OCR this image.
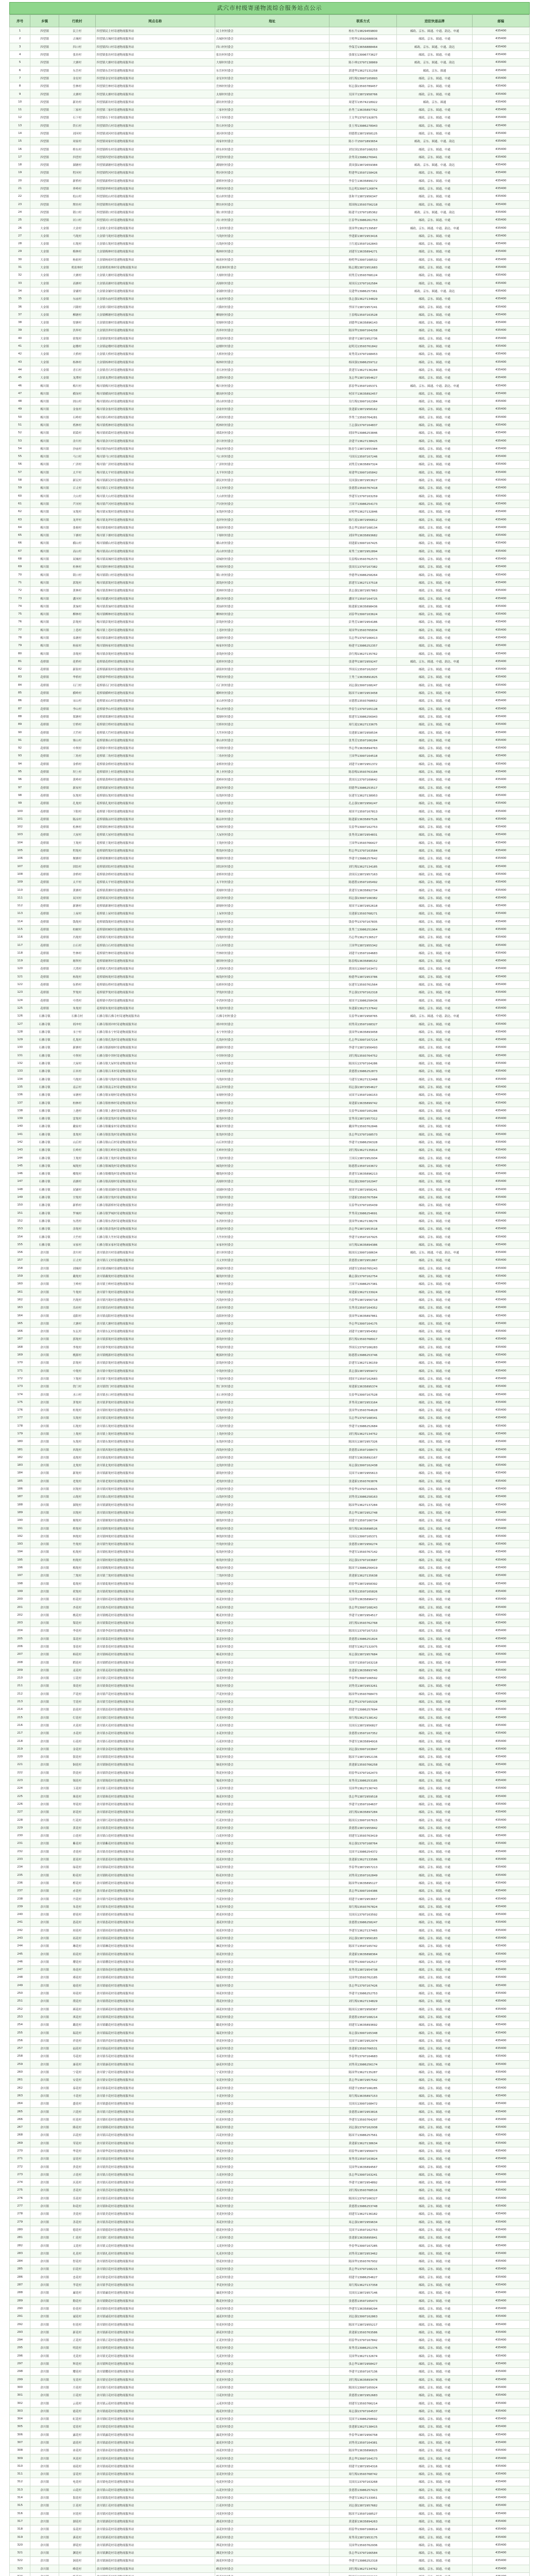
武穴市村级寄递物流综合服务站点公示
序号	乡镇	行政村	网点名称	地址	联系方式	进驻快递品牌	邮编
1	四望镇	民主村	四望镇民主村寄递物流服务站	民主村村委会	杨东升13829459800	邮政、京东、圆通、中通、韵达、申通	435400
2	四望镇	古城村	四望镇古城村寄递物流服务站	古城村村委会	王明华13592688836	邮政、京东、圆通、中通	435400
3	四望镇	四口村	四望镇四口村寄递物流服务站	四口村村委会	李保芳13656888464	邮政、京东、圆通、中通、韵达	435400
4	四望镇	张坊村	四望镇张坊村寄递物流服务站	张坊村村委会	张细宏13996773627	邮政、京东、圆通、中通	435400
5	四望镇	大塘村	四望镇大塘村寄递物流服务站	大塘村村委会	陈小林13797138869	邮政、京东、圆通、中通、韵达	435400
6	四望镇	东岳村	四望镇东岳村寄递物流服务站	东岳村村委会	郭建华13627131258	邮政、京东、圆通	435400
7	四望镇	金星村	四望镇金星村寄递物流服务站	金星村村委会	刘红梅13997165893	邮政、京东、圆通、中通	435400
8	四望镇	岳林村	四望镇岳林村寄递物流服务站	岳林村村委会	何志强13593789457	邮政、京东、圆通、中通	435400
9	四望镇	太塘村	四望镇太塘村寄递物流服务站	太塘村村委会	吴国平13872958766	邮政、京东、圆通、中通	435400
10	四望镇	新坊村	四望镇新坊村寄递物流服务站	新坊村村委会	周建军13574218922	邮政、京东、圆通	435400
11	四望镇	三家村	四望镇三家村寄递物流服务站	三家村村委会	孙秀兰13635897762	邮政、京东、圆通、中通	435400
12	四望镇	石下村	四望镇石下村寄递物流服务站	石下村村委会	王文华13797192875	邮政、京东、圆通、中通	435400
13	四望镇	铁石村	四望镇铁石村寄递物流服务站	铁石村村委会	张玉琴13986278943	邮政、京东、圆通、中通	435400
14	四望镇	刘河村	四望镇刘河村寄递物流服务站	刘河村村委会	胡德胜13872958125	邮政、京东、圆通、中通	435400
15	四望镇	周家村	四望镇周家村寄递物流服务站	周家村村委会	陈小平15971893654	邮政、京东、圆通、中通、韵达	435400
16	四望镇	桥东村	四望镇桥东村寄递物流服务站	桥东村村委会	刘安国13597168253	邮政、京东、圆通、中通	435400
17	四望镇	四望村	四望镇四望村寄递物流服务站	四望村村委会	余秀英13986276941	邮政、京东、圆通、中通	435400
18	四望镇	湖塘村	四望镇湖塘村寄递物流服务站	湖塘村村委会	黄国强13872659384	邮政、京东、圆通、中通、韵达	435400
19	四望镇	程河村	四望镇程河村寄递物流服务站	程河村村委会	程建华13597158426	邮政、京东、圆通、中通	435400
20	四望镇	新桥村	四望镇新桥村寄递物流服务站	新桥村村委会	李春生13635899172	邮政、京东、圆通、中通	435400
21	四望镇	界岭村	四望镇界岭村寄递物流服务站	界岭村村委会	吴志明13997126874	邮政、京东、圆通、中通	435400
22	四望镇	松山村	四望镇松山村寄递物流服务站	松山村村委会	张和平13872956347	邮政、京东、圆通、中通	435400
23	四望镇	牌坊村	四望镇牌坊村寄递物流服务站	牌坊村村委会	郑国栋13593756218	邮政、京东、圆通、中通	435400
24	四望镇	锁口村	四望镇锁口村寄递物流服务站	锁口村村委会	陈建平13797185362	邮政、京东、圆通、中通、韵达	435400
25	四望镇	河口村	四望镇河口村寄递物流服务站	河口村村委会	汪春华13986261753	邮政、京东、圆通、中通	435400
26	大金镇	大金村	大金镇大金村寄递物流服务站	大金村村委会	张国华13627139587	邮政、京东、圆通、中通、韵达、申通	435400
27	大金镇	马垅村	大金镇马垅村寄递物流服务站	马垅村村委会	李建新13872953416	邮政、京东、圆通、中通	435400
28	大金镇	石垅村	大金镇石垅村寄递物流服务站	石垅村村委会	王红霞13597162843	邮政、京东、圆通、中通	435400
29	大金镇	梅林村	大金镇梅林村寄递物流服务站	梅林村村委会	刘建军13635894271	邮政、京东、圆通、中通	435400
30	大金镇	杨祖村	大金镇杨祖村寄递物流服务站	杨祖村村委会	杨明华13997168532	邮政、京东、圆通、中通	435400
31	大金镇	鸦雀林村	大金镇鸦雀林村寄递物流服务站	鸦雀林村村委会	陈志刚13872951683	邮政、京东、圆通、中通	435400
32	大金镇	大塘村	大金镇大塘村寄递物流服务站	大塘村村委会	胡秀芳13593768124	邮政、京东、圆通、中通	435400
33	大金镇	高塘村	大金镇高塘村寄递物流服务站	高塘村村委会	周国庆13797162584	邮政、京东、圆通、中通	435400
34	大金镇	金铺村	大金镇金铺村寄递物流服务站	金铺村村委会	吴建华13986257361	邮政、京东、圆通、中通、韵达	435400
35	大金镇	东庙村	大金镇东庙村寄递物流服务站	东庙村村委会	张志强13627134829	邮政、京东、圆通、中通	435400
36	大金镇	兴隆村	大金镇兴隆村寄递物流服务站	兴隆村村委会	李国平13872957241	邮政、京东、圆通、中通	435400
37	大金镇	柳塘村	大金镇柳塘村寄递物流服务站	柳塘村村委会	王春梅13597163528	邮政、京东、圆通、中通	435400
38	大金镇	窑塘村	大金镇窑塘村寄递物流服务站	窑塘村村委会	刘德华13635896143	邮政、京东、圆通、中通	435400
39	大金镇	洪界村	大金镇洪界村寄递物流服务站	洪界村村委会	陈国华13997164258	邮政、京东、圆通、中通	435400
40	大金镇	徐垅村	大金镇徐垅村寄递物流服务站	徐垅村村委会	徐建平13872952736	邮政、京东、圆通、中通	435400
41	大金镇	赵楼村	大金镇赵楼村寄递物流服务站	赵楼村村委会	赵明亮13593761842	邮政、京东、圆通、中通	435400
42	大金镇	大桥村	大金镇大桥村寄递物流服务站	大桥村村委会	周秀英13797168453	邮政、京东、圆通、中通	435400
43	大金镇	杨林村	大金镇杨林村寄递物流服务站	杨林村村委会	杨国强13986259712	邮政、京东、圆通、中通	435400
44	大金镇	青石村	大金镇青石村寄递物流服务站	青石村村委会	黄建军13627136284	邮政、京东、圆通、中通	435400
45	大金镇	龙潭村	大金镇龙潭村寄递物流服务站	龙潭村村委会	龙志华13872954627	邮政、京东、圆通、中通	435400
46	梅川镇	梅川村	梅川镇梅川村寄递物流服务站	梅川村村委会	郭春华13597165371	邮政、京东、圆通、中通、韵达、申通	435400
47	梅川镇	横岗村	梅川镇横岗村寄递物流服务站	横岗村村委会	何国平13635892457	邮政、京东、圆通、中通	435400
48	梅川镇	团山村	梅川镇团山村寄递物流服务站	团山村村委会	吴红梅13997162384	邮政、京东、圆通、中通	435400
49	梅川镇	金盆村	梅川镇金盆村寄递物流服务站	金盆村村委会	张建新13872958162	邮政、京东、圆通、中通	435400
50	梅川镇	石岭村	梅川镇石岭村寄递物流服务站	石岭村村委会	李秀兰13593764281	邮政、京东、圆通、中通	435400
51	梅川镇	鸦林村	梅川镇鸦林村寄递物流服务站	鸦林村村委会	王志强13797164837	邮政、京东、圆通、中通	435400
52	梅川镇	胡葛村	梅川镇胡葛村寄递物流服务站	胡葛村村委会	胡国华13986253846	邮政、京东、圆通、中通	435400
53	梅川镇	余川村	梅川镇余川村寄递物流服务站	余川村村委会	余建平13627138425	邮政、京东、圆通、中通	435400
54	梅川镇	沙庙村	梅川镇沙庙村寄递物流服务站	沙庙村村委会	陈春生13872955384	邮政、京东、圆通、中通	435400
55	梅川镇	马口村	梅川镇马口村寄递物流服务站	马口村村委会	马国庆13597167246	邮政、京东、圆通、中通	435400
56	梅川镇	广济村	梅川镇广济村寄递物流服务站	广济村村委会	刘秀芳13635897324	邮政、京东、圆通、中通	435400
57	梅川镇	太平村	梅川镇太平村寄递物流服务站	太平村村委会	周建华13997165842	邮政、京东、圆通、中通	435400
58	梅川镇	新民村	梅川镇新民村寄递物流服务站	新民村村委会	吴国强13872953627	邮政、京东、圆通、中通	435400
59	梅川镇	百丈村	梅川镇百丈村寄递物流服务站	百丈村村委会	张德胜13593767418	邮政、京东、圆通、中通	435400
60	梅川镇	大山村	梅川镇大山村寄递物流服务站	大山村村委会	李建军13797163259	邮政、京东、圆通、中通	435400
61	梅川镇	芦河村	梅川镇芦河村寄递物流服务站	芦河村村委会	王国平13986254173	邮政、京东、圆通、中通	435400
62	梅川镇	宋垅村	梅川镇宋垅村寄递物流服务站	宋垅村村委会	宋明华13627132846	邮政、京东、圆通、中通	435400
63	梅川镇	龙坪村	梅川镇龙坪村寄递物流服务站	龙坪村村委会	陈红霞13872956812	邮政、京东、圆通、中通	435400
64	梅川镇	张榜村	梅川镇张榜村寄递物流服务站	张榜村村委会	张志华13597168134	邮政、京东、圆通、中通	435400
65	梅川镇	下塘村	梅川镇下塘村寄递物流服务站	下塘村村委会	刘国华13635893682	邮政、京东、圆通、中通	435400
66	梅川镇	横山村	梅川镇横山村寄递物流服务站	横山村村委会	胡建新13997167425	邮政、京东、圆通、中通	435400
67	梅川镇	高山村	梅川镇高山村寄递物流服务站	高山村村委会	周秀兰13872952894	邮政、京东、圆通、中通	435400
68	梅川镇	双城村	梅川镇双城村寄递物流服务站	双城村村委会	吴春梅13593762573	邮政、京东、圆通、中通	435400
69	梅川镇	桂林村	梅川镇桂林村寄递物流服务站	桂林村村委会	张国庆13797167382	邮政、京东、圆通、中通	435400
70	梅川镇	锁口村	梅川镇锁口村寄递物流服务站	锁口村村委会	李德华13986258264	邮政、京东、圆通、中通	435400
71	梅川镇	郭垅村	梅川镇郭垅村寄递物流服务站	郭垅村村委会	郭建军13627137518	邮政、京东、圆通、中通	435400
72	梅川镇	黄林村	梅川镇黄林村寄递物流服务站	黄林村村委会	黄志强13872957863	邮政、京东、圆通、中通	435400
73	梅川镇	潘河村	梅川镇潘河村寄递物流服务站	潘河村村委会	潘国平13597164725	邮政、京东、圆通、中通	435400
74	梅川镇	黄垴村	梅川镇黄垴村寄递物流服务站	黄垴村村委会	陈建新13635898436	邮政、京东、圆通、中通	435400
75	梅川镇	柳林村	梅川镇柳林村寄递物流服务站	柳林村村委会	刘春华13997163624	邮政、京东、圆通、中通	435400
76	梅川镇	彭垅村	梅川镇彭垅村寄递物流服务站	彭垅村村委会	彭秀芳13872954186	邮政、京东、圆通、中通	435400
77	梅川镇	上巷村	梅川镇上巷村寄递物流服务站	上巷村村委会	周国华13593765834	邮政、京东、圆通、中通	435400
78	梅川镇	泉塘村	梅川镇泉塘村寄递物流服务站	泉塘村村委会	吴志华13797166413	邮政、京东、圆通、中通	435400
79	梅川镇	杨家村	梅川镇杨家村寄递物流服务站	杨家村村委会	杨建平13986252357	邮政、京东、圆通、中通	435400
80	梅川镇	余垅村	梅川镇余垅村寄递物流服务站	余垅村村委会	余红梅13627135762	邮政、京东、圆通、中通	435400
81	花桥镇	花桥村	花桥镇花桥村寄递物流服务站	花桥村村委会	张建华13872959247	邮政、京东、圆通、中通、韵达、申通	435400
82	花桥镇	新街村	花桥镇新街村寄递物流服务站	新街村村委会	李国庆13597162937	邮政、京东、圆通、中通	435400
83	花桥镇	华桥村	花桥镇华桥村寄递物流服务站	华桥村村委会	王秀兰13635891825	邮政、京东、圆通、中通	435400
84	花桥镇	石门村	花桥镇石门村寄递物流服务站	石门村村委会	刘志强13997168247	邮政、京东、圆通、中通	435400
85	花桥镇	横岭村	花桥镇横岭村寄递物流服务站	横岭村村委会	陈国平13872953458	邮政、京东、圆通、中通	435400
86	花桥镇	宋山村	花桥镇宋山村寄递物流服务站	宋山村村委会	宋德胜13593768652	邮政、京东、圆通、中通	435400
87	花桥镇	李山村	花桥镇李山村寄递物流服务站	李山村村委会	李春生13797165128	邮政、京东、圆通、中通	435400
88	花桥镇	郑塘村	花桥镇郑塘村寄递物流服务站	郑塘村村委会	郑建军13986256943	邮政、京东、圆通、中通	435400
89	花桥镇	官桥村	花桥镇官桥村寄递物流服务站	官桥村村委会	周红霞13627133675	邮政、京东、圆通、中通	435400
90	花桥镇	大竹村	花桥镇大竹村寄递物流服务站	大竹村村委会	吴建新13872958534	邮政、京东、圆通、中通	435400
91	花桥镇	寨山村	花桥镇寨山村寄递物流服务站	寨山村村委会	张秀芳13597166284	邮政、京东、圆通、中通	435400
92	花桥镇	中坝村	花桥镇中坝村寄递物流服务站	中坝村村委会	李志华13635894763	邮政、京东、圆通、中通	435400
93	花桥镇	三角村	花桥镇三角村寄递物流服务站	三角村村委会	王国华13997164518	邮政、京东、圆通、中通	435400
94	花桥镇	金桥村	花桥镇金桥村寄递物流服务站	金桥村村委会	刘建平13872951372	邮政、京东、圆通、中通	435400
95	花桥镇	坝上村	花桥镇坝上村寄递物流服务站	坝上村村委会	陈春梅13593763184	邮政、京东、圆通、中通	435400
96	花桥镇	黄岭村	花桥镇黄岭村寄递物流服务站	黄岭村村委会	黄国庆13797169642	邮政、京东、圆通、中通	435400
97	花桥镇	新屋村	花桥镇新屋村寄递物流服务站	新屋村村委会	胡德华13986253517	邮政、京东、圆通、中通	435400
98	花桥镇	伍垅村	花桥镇伍垅村寄递物流服务站	伍垅村村委会	伍建军13627138953	邮政、京东、圆通、中通	435400
99	花桥镇	孔垅村	花桥镇孔垅村寄递物流服务站	孔垅村村委会	孔志强13872956247	邮政、京东、圆通、中通	435400
100	花桥镇	下阳村	花桥镇下阳村寄递物流服务站	下阳村村委会	周国平13597167813	邮政、京东、圆通、中通	435400
101	花桥镇	陈凉村	花桥镇陈凉村寄递物流服务站	陈凉村村委会	陈建新13635897526	邮政、京东、圆通、中通	435400
102	花桥镇	松林村	花桥镇松林村寄递物流服务站	松林村村委会	吴春华13997162753	邮政、京东、圆通、中通	435400
103	花桥镇	大屋村	花桥镇大屋村寄递物流服务站	大屋村村委会	张秀英13872954831	邮政、京东、圆通、中通	435400
104	花桥镇	王垅村	花桥镇王垅村寄递物流服务站	王垅村村委会	王国华13593766427	邮政、京东、圆通、中通	435400
105	花桥镇	程垅村	花桥镇程垅村寄递物流服务站	程垅村村委会	程志华13797163584	邮政、京东、圆通、中通	435400
106	花桥镇	堰塘村	花桥镇堰塘村寄递物流服务站	堰塘村村委会	李建平13986257642	邮政、京东、圆通、中通	435400
107	花桥镇	团结村	花桥镇团结村寄递物流服务站	团结村村委会	刘红梅13627134185	邮政、京东、圆通、中通	435400
108	花桥镇	余桥村	花桥镇余桥村寄递物流服务站	余桥村村委会	余国庆13872957163	邮政、京东、圆通、中通	435400
109	花桥镇	太平村	花桥镇太平村寄递物流服务站	太平村村委会	陈德胜13597165492	邮政、京东、圆通、中通	435400
110	花桥镇	黄塘村	花桥镇黄塘村寄递物流服务站	黄塘村村委会	黄建军13635892734	邮政、京东、圆通、中通	435400
111	花桥镇	双河村	花桥镇双河村寄递物流服务站	双河村村委会	胡志强13997166382	邮政、京东、圆通、中通	435400
112	花桥镇	新塘村	花桥镇新塘村寄递物流服务站	新塘村村委会	周国平13872952618	邮政、京东、圆通、中通	435400
113	花桥镇	上屋村	花桥镇上屋村寄递物流服务站	上屋村村委会	吴建新13593768271	邮政、京东、圆通、中通	435400
114	花桥镇	钱垅村	花桥镇钱垅村寄递物流服务站	钱垅村村委会	钱春华13797167835	邮政、京东、圆通、中通	435400
115	花桥镇	柏树村	花桥镇柏树村寄递物流服务站	柏树村村委会	张秀兰13986251964	邮政、京东、圆通、中通	435400
116	花桥镇	冯垅村	花桥镇冯垅村寄递物流服务站	冯垅村村委会	冯志华13627136527	邮政、京东、圆通、中通	435400
117	花桥镇	白石村	花桥镇白石村寄递物流服务站	白石村村委会	王国华13872955342	邮政、京东、圆通、中通	435400
118	花桥镇	竹林村	花桥镇竹林村寄递物流服务站	竹林村村委会	刘建平13597164683	邮政、京东、圆通、中通	435400
119	花桥镇	塘坝村	花桥镇塘坝村寄递物流服务站	塘坝村村委会	陈春梅13635898152	邮政、京东、圆通、中通	435400
120	花桥镇	大湾村	花桥镇大湾村寄递物流服务站	大湾村村委会	黄国庆13997163472	邮政、京东、圆通、中通	435400
121	花桥镇	杨垅村	花桥镇杨垅村寄递物流服务站	杨垅村村委会	杨德华13872953786	邮政、京东、圆通、中通	435400
122	花桥镇	伍桥村	花桥镇伍桥村寄递物流服务站	伍桥村村委会	伍建军13593761564	邮政、京东、圆通、中通	435400
123	花桥镇	罗垅村	花桥镇罗垅村寄递物流服务站	罗垅村村委会	罗志强13797162318	邮政、京东、圆通、中通	435400
124	花桥镇	中湾村	花桥镇中湾村寄递物流服务站	中湾村村委会	周国平13986258436	邮政、京东、圆通、中通	435400
125	花桥镇	朱垅村	花桥镇朱垅村寄递物流服务站	朱垅村村委会	朱建新13627137642	邮政、京东、圆通、中通	435400
126	石佛寺镇	石佛寺村	石佛寺镇石佛寺村寄递物流服务站	石佛寺村村委会	吴春华13872958765	邮政、京东、圆通、中通、韵达、申通	435400
127	石佛寺镇	胡冲村	石佛寺镇胡冲村寄递物流服务站	胡冲村村委会	胡秀英13597168327	邮政、京东、圆通、中通	435400
128	石佛寺镇	永宁村	石佛寺镇永宁村寄递物流服务站	永宁村村委会	张国华13635893458	邮政、京东、圆通、中通	435400
129	石佛寺镇	孔垅村	石佛寺镇孔垅村寄递物流服务站	孔垅村村委会	孔志华13997167214	邮政、京东、圆通、中通	435400
130	石佛寺镇	新塘村	石佛寺镇新塘村寄递物流服务站	新塘村村委会	李建平13872956493	邮政、京东、圆通、中通	435400
131	石佛寺镇	中坝村	石佛寺镇中坝村寄递物流服务站	中坝村村委会	刘红梅13593764752	邮政、京东、圆通、中通	435400
132	石佛寺镇	大屋村	石佛寺镇大屋村寄递物流服务站	大屋村村委会	陈国庆13797164286	邮政、京东、圆通、中通	435400
133	石佛寺镇	百米村	石佛寺镇百米村寄递物流服务站	百米村村委会	黄德胜13986252873	邮政、京东、圆通、中通	435400
134	石佛寺镇	马垅村	石佛寺镇马垅村寄递物流服务站	马垅村村委会	马建军13627132468	邮政、京东、圆通、中通	435400
135	石佛寺镇	南京村	石佛寺镇南京村寄递物流服务站	南京村村委会	胡志强13872954627	邮政、京东、圆通、中通	435400
136	石佛寺镇	宋塘村	石佛寺镇宋塘村寄递物流服务站	宋塘村村委会	宋国平13597166153	邮政、京东、圆通、中通	435400
137	石佛寺镇	柏林村	石佛寺镇柏林村寄递物流服务站	柏林村村委会	周建新13635899742	邮政、京东、圆通、中通	435400
138	石佛寺镇	上港村	石佛寺镇上港村寄递物流服务站	上港村村委会	吴春华13997165286	邮政、京东、圆通、中通	435400
139	石佛寺镇	雷垅村	石佛寺镇雷垅村寄递物流服务站	雷垅村村委会	雷秀英13872957312	邮政、京东、圆通、中通	435400
140	石佛寺镇	戴家村	石佛寺镇戴家村寄递物流服务站	戴家村村委会	戴国华13593762846	邮政、京东、圆通、中通	435400
141	石佛寺镇	张垅村	石佛寺镇张垅村寄递物流服务站	张垅村村委会	张志华13797168573	邮政、京东、圆通、中通	435400
142	石佛寺镇	山后村	石佛寺镇山后村寄递物流服务站	山后村村委会	李建平13986256328	邮政、京东、圆通、中通	435400
143	石佛寺镇	长岭村	石佛寺镇长岭村寄递物流服务站	长岭村村委会	刘红梅13627135814	邮政、京东、圆通、中通	435400
144	石佛寺镇	王垅村	石佛寺镇王垅村寄递物流服务站	王垅村村委会	王国庆13872952934	邮政、京东、圆通、中通	435400
145	石佛寺镇	城垅村	石佛寺镇城垅村寄递物流服务站	城垅村村委会	陈德胜13597163672	邮政、京东、圆通、中通	435400
146	石佛寺镇	楼垅村	石佛寺镇楼垅村寄递物流服务站	楼垅村村委会	黄建军13635896213	邮政、京东、圆通、中通	435400
147	石佛寺镇	高塘村	石佛寺镇高塘村寄递物流服务站	高塘村村委会	胡志强13997162947	邮政、京东、圆通、中通	435400
148	石佛寺镇	双铺村	石佛寺镇双铺村寄递物流服务站	双铺村村委会	周国平13872958241	邮政、京东、圆通、中通	435400
149	石佛寺镇	甘垅村	石佛寺镇甘垅村寄递物流服务站	甘垅村村委会	甘建新13593767584	邮政、京东、圆通、中通	435400
150	石佛寺镇	新桥村	石佛寺镇新桥村寄递物流服务站	新桥村村委会	吴春华13797165439	邮政、京东、圆通、中通	435400
151	石佛寺镇	罗城村	石佛寺镇罗城村寄递物流服务站	罗城村村委会	罗秀英13986254691	邮政、京东、圆通、中通	435400
152	石佛寺镇	东湾村	石佛寺镇东湾村寄递物流服务站	东湾村村委会	张国华13627138276	邮政、京东、圆通、中通	435400
153	石佛寺镇	余垅村	石佛寺镇余垅村寄递物流服务站	余垅村村委会	余志华13872953518	邮政、京东、圆通、中通	435400
154	石佛寺镇	大竹村	石佛寺镇大竹村寄递物流服务站	大竹村村委会	李建平13597167925	邮政、京东、圆通、中通	435400
155	石佛寺镇	宋家村	石佛寺镇宋家村寄递物流服务站	宋家村村委会	宋红梅13635894386	邮政、京东、圆通、中通	435400
156	余川镇	余川村	余川镇余川村寄递物流服务站	余川村村委会	陈国庆13997168634	邮政、京东、圆通、中通、韵达、申通	435400
157	余川镇	百丈村	余川镇百丈村寄递物流服务站	百丈村村委会	黄德胜13872951867	邮政、京东、圆通、中通	435400
158	余川镇	刘城村	余川镇刘城村寄递物流服务站	刘城村村委会	刘建军13593765243	邮政、京东、圆通、中通	435400
159	余川镇	戴垅村	余川镇戴垅村寄递物流服务站	戴垅村村委会	戴志强13797162754	邮政、京东、圆通、中通	435400
160	余川镇	王岭村	余川镇王岭村寄递物流服务站	王岭村村委会	王国平13986257381	邮政、京东、圆通、中通	435400
161	余川镇	牛垅村	余川镇牛垅村寄递物流服务站	牛垅村村委会	周建新13627133924	邮政、京东、圆通、中通	435400
162	余川镇	冯垅村	余川镇冯垅村寄递物流服务站	冯垅村村委会	冯春华13872956718	邮政、京东、圆通、中通	435400
163	余川镇	乐府村	余川镇乐府村寄递物流服务站	乐府村村委会	吴秀英13597164352	邮政、京东、圆通、中通	435400
164	余川镇	南阳村	余川镇南阳村寄递物流服务站	南阳村村委会	张国华13635897861	邮政、京东、圆通、中通	435400
165	余川镇	大塘村	余川镇大塘村寄递物流服务站	大塘村村委会	李志华13997164175	邮政、京东、圆通、中通	435400
166	余川镇	东瓦村	余川镇东瓦村寄递物流服务站	东瓦村村委会	刘建平13872954362	邮政、京东、圆通、中通	435400
167	余川镇	郭垅村	余川镇郭垅村寄递物流服务站	郭垅村村委会	郭红梅13593768917	邮政、京东、圆通、中通	435400
168	余川镇	李垅村	余川镇李垅村寄递物流服务站	李垅村村委会	李国庆13797166283	邮政、京东、圆通、中通	435400
169	余川镇	桃源村	余川镇桃源村寄递物流服务站	桃源村村委会	陈德胜13986253746	邮政、京东、圆通、中通	435400
170	余川镇	彭垅村	余川镇彭垅村寄递物流服务站	彭垅村村委会	彭建军13627136159	邮政、京东、圆通、中通	435400
171	余川镇	中垅村	余川镇中垅村寄递物流服务站	中垅村村委会	黄志强13872959472	邮政、京东、圆通、中通	435400
172	余川镇	下垅村	余川镇下垅村寄递物流服务站	下垅村村委会	胡国平13597162683	邮政、京东、圆通、中通	435400
173	余川镇	铁门村	余川镇铁门村寄递物流服务站	铁门村村委会	周建新13635895374	邮政、京东、圆通、中通	435400
174	余川镇	水口村	余川镇水口村寄递物流服务站	水口村村委会	吴春华13997167528	邮政、京东、圆通、中通	435400
175	余川镇	茅垅村	余川镇茅垅村寄递物流服务站	茅垅村村委会	茅秀英13872953164	邮政、京东、圆通、中通	435400
176	余川镇	桂垅村	余川镇桂垅村寄递物流服务站	桂垅村村委会	张国华13593764628	邮政、京东、圆通、中通	435400
177	余川镇	吴垅村	余川镇吴垅村寄递物流服务站	吴垅村村委会	吴志华13797168341	邮政、京东、圆通、中通	435400
178	余川镇	石垅村	余川镇石垅村寄递物流服务站	石垅村村委会	李建平13986252684	邮政、京东、圆通、中通	435400
179	余川镇	上垅村	余川镇上垅村寄递物流服务站	上垅村村委会	刘红梅13627134752	邮政、京东、圆通、中通	435400
180	余川镇	东垅村	余川镇东垅村寄递物流服务站	东垅村村委会	陈国庆13872957326	邮政、京东、圆通、中通	435400
181	余川镇	西垅村	余川镇西垅村寄递物流服务站	西垅村村委会	黄德胜13597168473	邮政、京东、圆通、中通	435400
182	余川镇	南垅村	余川镇南垅村寄递物流服务站	南垅村村委会	胡建军13635892167	邮政、京东、圆通、中通	435400
183	余川镇	北垅村	余川镇北垅村寄递物流服务站	北垅村村委会	周志强13997162438	邮政、京东、圆通、中通	435400
184	余川镇	新垅村	余川镇新垅村寄递物流服务站	新垅村村委会	吴国平13872955613	邮政、京东、圆通、中通	435400
185	余川镇	老垅村	余川镇老垅村寄递物流服务站	老垅村村委会	张建新13593763876	邮政、京东、圆通、中通	435400
186	余川镇	河垅村	余川镇河垅村寄递物流服务站	河垅村村委会	李春华13797164925	邮政、京东、圆通、中通	435400
187	余川镇	山垅村	余川镇山垅村寄递物流服务站	山垅村村委会	刘秀英13986258163	邮政、京东、圆通、中通	435400
188	余川镇	湖垅村	余川镇湖垅村寄递物流服务站	湖垅村村委会	陈国华13627137284	邮政、京东、圆通、中通	435400
189	余川镇	田垅村	余川镇田垅村寄递物流服务站	田垅村村委会	黄志华13872952748	邮政、京东、圆通、中通	435400
190	余川镇	塘垅村	余川镇塘垅村寄递物流服务站	塘垅村村委会	胡建平13597166734	邮政、京东、圆通、中通	435400
191	余川镇	桥垅村	余川镇桥垅村寄递物流服务站	桥垅村村委会	周红梅13635898526	邮政、京东、圆通、中通	435400
192	余川镇	林垅村	余川镇林垅村寄递物流服务站	林垅村村委会	吴国庆13997165371	邮政、京东、圆通、中通	435400
193	余川镇	竹垅村	余川镇竹垅村寄递物流服务站	竹垅村村委会	张德胜13872956274	邮政、京东、圆通、中通	435400
194	余川镇	松垅村	余川镇松垅村寄递物流服务站	松垅村村委会	李建军13593767142	邮政、京东、圆通、中通	435400
195	余川镇	柏垅村	余川镇柏垅村寄递物流服务站	柏垅村村委会	刘志强13797163687	邮政、京东、圆通、中通	435400
196	余川镇	梅垅村	余川镇梅垅村寄递物流服务站	梅垅村村委会	陈国平13986256419	邮政、京东、圆通、中通	435400
197	余川镇	兰垅村	余川镇兰垅村寄递物流服务站	兰垅村村委会	黄建新13627135638	邮政、京东、圆通、中通	435400
198	余川镇	菊垅村	余川镇菊垅村寄递物流服务站	菊垅村村委会	胡春华13872958392	邮政、京东、圆通、中通	435400
199	余川镇	荷垅村	余川镇荷垅村寄递物流服务站	荷垅村村委会	周秀英13597165826	邮政、京东、圆通、中通	435400
200	余川镇	桂花村	余川镇桂花村寄递物流服务站	桂花村村委会	吴国华13635896472	邮政、京东、圆通、中通	435400
201	余川镇	杏花村	余川镇杏花村寄递物流服务站	杏花村村委会	张志华13997168243	邮政、京东、圆通、中通	435400
202	余川镇	桃花村	余川镇桃花村寄递物流服务站	桃花村村委会	李建平13872954517	邮政、京东、圆通、中通	435400
203	余川镇	梨花村	余川镇梨花村寄递物流服务站	梨花村村委会	刘红梅13593762768	邮政、京东、圆通、中通	435400
204	余川镇	李花村	余川镇李花村寄递物流服务站	李花村村委会	陈国庆13797167153	邮政、京东、圆通、中通	435400
205	余川镇	菜花村	余川镇菜花村寄递物流服务站	菜花村村委会	黄德胜13986251824	邮政、京东、圆通、中通	435400
206	余川镇	茶花村	余川镇茶花村寄递物流服务站	茶花村村委会	胡建军13627132975	邮政、京东、圆通、中通	435400
207	余川镇	棉花村	余川镇棉花村寄递物流服务站	棉花村村委会	周志强13872957684	邮政、京东、圆通、中通	435400
208	余川镇	稻花村	余川镇稻花村寄递物流服务站	稻花村村委会	吴国平13597163218	邮政、京东、圆通、中通	435400
209	余川镇	麦花村	余川镇麦花村寄递物流服务站	麦花村村委会	张建新13635893745	邮政、京东、圆通、中通	435400
210	余川镇	豆花村	余川镇豆花村寄递物流服务站	豆花村村委会	李春华13997166592	邮政、京东、圆通、中通	435400
211	余川镇	葵花村	余川镇葵花村寄递物流服务站	葵花村村委会	刘秀英13872953261	邮政、京东、圆通、中通	435400
212	余川镇	芦花村	余川镇芦花村寄递物流服务站	芦花村村委会	陈国华13593768473	邮政、京东、圆通、中通	435400
213	余川镇	雪花村	余川镇雪花村寄递物流服务站	雪花村村委会	黄志华13797165328	邮政、京东、圆通、中通	435400
214	余川镇	浪花村	余川镇浪花村寄递物流服务站	浪花村村委会	胡建平13986257694	邮政、京东、圆通、中通	435400
215	余川镇	灯花村	余川镇灯花村寄递物流服务站	灯花村村委会	周红梅13627138142	邮政、京东、圆通、中通	435400
216	余川镇	火花村	余川镇火花村寄递物流服务站	火花村村委会	吴国庆13872956827	邮政、京东、圆通、中通	435400
217	余川镇	水花村	余川镇水花村寄递物流服务站	水花村村委会	张德胜13597167352	邮政、京东、圆通、中通	435400
218	余川镇	石花村	余川镇石花村寄递物流服务站	石花村村委会	李建军13635894916	邮政、京东、圆通、中通	435400
219	余川镇	金花村	余川镇金花村寄递物流服务站	金花村村委会	刘志强13997163847	邮政、京东、圆通、中通	435400
220	余川镇	银花村	余川镇银花村寄递物流服务站	银花村村委会	陈国平13872952136	邮政、京东、圆通、中通	435400
221	余川镇	铜花村	余川镇铜花村寄递物流服务站	铜花村村委会	黄建新13593766258	邮政、京东、圆通、中通	435400
222	余川镇	铁花村	余川镇铁花村寄递物流服务站	铁花村村委会	胡春华13797162473	邮政、京东、圆通、中通	435400
223	余川镇	锡花村	余川镇锡花村寄递物流服务站	锡花村村委会	周秀英13986253185	邮政、京东、圆通、中通	435400
224	余川镇	玉花村	余川镇玉花村寄递物流服务站	玉花村村委会	吴国华13627136743	邮政、京东、圆通、中通	435400
225	余川镇	珠花村	余川镇珠花村寄递物流服务站	珠花村村委会	张志华13872959518	邮政、京东、圆通、中通	435400
226	余川镇	翠花村	余川镇翠花村寄递物流服务站	翠花村村委会	李建平13597164637	邮政、京东、圆通、中通	435400
227	余川镇	彩花村	余川镇彩花村寄递物流服务站	彩花村村委会	刘红梅13635897284	邮政、京东、圆通、中通	435400
228	余川镇	红花村	余川镇红花村寄递物流服务站	红花村村委会	陈国庆13997167615	邮政、京东、圆通、中通	435400
229	余川镇	黄花村	余川镇黄花村寄递物流服务站	黄花村村委会	黄德胜13872955842	邮政、京东、圆通、中通	435400
230	余川镇	白花村	余川镇白花村寄递物流服务站	白花村村委会	胡建军13593763419	邮政、京东、圆通、中通	435400
231	余川镇	紫花村	余川镇紫花村寄递物流服务站	紫花村村委会	周志强13797168764	邮政、京东、圆通、中通	435400
232	余川镇	青花村	余川镇青花村寄递物流服务站	青花村村委会	吴国平13986254372	邮政、京东、圆通、中通	435400
233	余川镇	蓝花村	余川镇蓝花村寄递物流服务站	蓝花村村委会	张建新13627133586	邮政、京东、圆通、中通	435400
234	余川镇	绿花村	余川镇绿花村寄递物流服务站	绿花村村委会	李春华13872957213	邮政、京东、圆通、中通	435400
235	余川镇	粉花村	余川镇粉花村寄递物流服务站	粉花村村委会	刘秀英13597162849	邮政、京东、圆通、中通	435400
236	余川镇	橙花村	余川镇橙花村寄递物流服务站	橙花村村委会	陈国华13635895127	邮政、京东、圆通、中通	435400
237	余川镇	赤花村	余川镇赤花村寄递物流服务站	赤花村村委会	黄志华13997164386	邮政、京东、圆通、中通	435400
238	余川镇	丹花村	余川镇丹花村寄递物流服务站	丹花村村委会	胡建平13872953657	邮政、京东、圆通、中通	435400
239	余川镇	朱花村	余川镇朱花村寄递物流服务站	朱花村村委会	周红梅13593767824	邮政、京东、圆通、中通	435400
240	余川镇	碧花村	余川镇碧花村寄递物流服务站	碧花村村委会	吴国庆13797163592	邮政、京东、圆通、中通	435400
241	余川镇	翡花村	余川镇翡花村寄递物流服务站	翡花村村委会	张德胜13986258247	邮政、京东、圆通、中通	435400
242	余川镇	琼花村	余川镇琼花村寄递物流服务站	琼花村村委会	李建军13627137465	邮政、京东、圆通、中通	435400
243	余川镇	瑶花村	余川镇瑶花村寄递物流服务站	瑶花村村委会	刘志强13872956183	邮政、京东、圆通、中通	435400
244	余川镇	琳花村	余川镇琳花村寄递物流服务站	琳花村村委会	陈国平13597165742	邮政、京东、圆通、中通	435400
245	余川镇	琅花村	余川镇琅花村寄递物流服务站	琅花村村委会	黄建新13635898364	邮政、京东、圆通、中通	435400
246	余川镇	璎花村	余川镇璎花村寄递物流服务站	璎花村村委会	胡春华13997162517	邮政、京东、圆通、中通	435400
247	余川镇	珞花村	余川镇珞花村寄递物流服务站	珞花村村委会	周秀英13872954738	邮政、京东、圆通、中通	435400
248	余川镇	瑾花村	余川镇瑾花村寄递物流服务站	瑾花村村委会	吴国华13593762185	邮政、京东、圆通、中通	435400
249	余川镇	瑜花村	余川镇瑜花村寄递物流服务站	瑜花村村委会	张志华13797167426	邮政、京东、圆通、中通	435400
250	余川镇	璋花村	余川镇璋花村寄递物流服务站	璋花村村委会	李建平13986252753	邮政、京东、圆通、中通	435400
251	余川镇	璞花村	余川镇璞花村寄递物流服务站	璞花村村委会	刘红梅13627134829	邮政、京东、圆通、中通	435400
252	余川镇	瑛花村	余川镇瑛花村寄递物流服务站	瑛花村村委会	陈国庆13872958367	邮政、京东、圆通、中通	435400
253	余川镇	琪花村	余川镇琪花村寄递物流服务站	琪花村村委会	黄德胜13597168214	邮政、京东、圆通、中通	435400
254	余川镇	璐花村	余川镇璐花村寄递物流服务站	璐花村村委会	胡建军13635893692	邮政、京东、圆通、中通	435400
255	余川镇	瑞花村	余川镇瑞花村寄递物流服务站	瑞花村村委会	周志强13997165348	邮政、京东、圆通、中通	435400
256	余川镇	祥花村	余川镇祥花村寄递物流服务站	祥花村村委会	吴国平13872952974	邮政、京东、圆通、中通	435400
257	余川镇	福花村	余川镇福花村寄递物流服务站	福花村村委会	张建新13593766531	邮政、京东、圆通、中通	435400
258	余川镇	寿花村	余川镇寿花村寄递物流服务站	寿花村村委会	李春华13797164683	邮政、京东、圆通、中通	435400
259	余川镇	康花村	余川镇康花村寄递物流服务站	康花村村委会	刘秀英13986256174	邮政、京东、圆通、中通	435400
260	余川镇	宁花村	余川镇宁花村寄递物流服务站	宁花村村委会	陈国华13627135287	邮政、京东、圆通、中通	435400
261	余川镇	安花村	余川镇安花村寄递物流服务站	安花村村委会	黄志华13872957542	邮政、京东、圆通、中通	435400
262	余川镇	泰花村	余川镇泰花村寄递物流服务站	泰花村村委会	胡建平13597166285	邮政、京东、圆通、中通	435400
263	余川镇	丰花村	余川镇丰花村寄递物流服务站	丰花村村委会	周红梅13635897153	邮政、京东、圆通、中通	435400
264	余川镇	盛花村	余川镇盛花村寄递物流服务站	盛花村村委会	吴国庆13997168472	邮政、京东、圆通、中通	435400
265	余川镇	兴花村	余川镇兴花村寄递物流服务站	兴花村村委会	张德胜13872953816	邮政、京东、圆通、中通	435400
266	余川镇	旺花村	余川镇旺花村寄递物流服务站	旺花村村委会	李建军13593764297	邮政、京东、圆通、中通	435400
267	余川镇	隆花村	余川镇隆花村寄递物流服务站	隆花村村委会	刘志强13797162938	邮政、京东、圆通、中通	435400
268	余川镇	昌花村	余川镇昌花村寄递物流服务站	昌花村村委会	陈国平13986257561	邮政、京东、圆通、中通	435400
269	余川镇	荣花村	余川镇荣花村寄递物流服务站	荣花村村委会	黄建新13627138634	邮政、京东、圆通、中通	435400
270	余川镇	华花村	余川镇华花村寄递物流服务站	华花村村委会	胡春华13872956473	邮政、京东、圆通、中通	435400
271	余川镇	富花村	余川镇富花村寄递物流服务站	富花村村委会	周秀英13597163824	邮政、京东、圆通、中通	435400
272	余川镇	贵花村	余川镇贵花村寄递物流服务站	贵花村村委会	吴国华13635894567	邮政、京东、圆通、中通	435400
273	余川镇	吉花村	余川镇吉花村寄递物流服务站	吉花村村委会	张志华13997163241	邮政、京东、圆通、中通	435400
274	余川镇	庆花村	余川镇庆花村寄递物流服务站	庆花村村委会	李建平13872954892	邮政、京东、圆通、中通	435400
275	余川镇	喜花村	余川镇喜花村寄递物流服务站	喜花村村委会	刘红梅13593768516	邮政、京东、圆通、中通	435400
276	余川镇	乐花村	余川镇乐花村寄递物流服务站	乐花村村委会	陈国庆13797166327	邮政、京东、圆通、中通	435400
277	余川镇	和花村	余川镇和花村寄递物流服务站	和花村村委会	黄德胜13986253748	邮政、京东、圆通、中通	435400
278	余川镇	美花村	余川镇美花村寄递物流服务站	美花村村委会	胡建军13627136182	邮政、京东、圆通、中通	435400
279	余川镇	善花村	余川镇善花村寄递物流服务站	善花村村委会	周志强13872959634	邮政、京东、圆通、中通	435400
280	余川镇	德花村	余川镇德花村寄递物流服务站	德花村村委会	吴国平13597162753	邮政、京东、圆通、中通	435400
281	余川镇	仁花村	余川镇仁花村寄递物流服务站	仁花村村委会	张建新13635895841	邮政、京东、圆通、中通	435400
282	余川镇	义花村	余川镇义花村寄递物流服务站	义花村村委会	李春华13997167285	邮政、京东、圆通、中通	435400
283	余川镇	礼花村	余川镇礼花村寄递物流服务站	礼花村村委会	刘秀英13872953462	邮政、京东、圆通、中通	435400
284	余川镇	智花村	余川镇智花村寄递物流服务站	智花村村委会	陈国华13593767932	邮政、京东、圆通、中通	435400
285	余川镇	信花村	余川镇信花村寄递物流服务站	信花村村委会	黄志华13797168215	邮政、京东、圆通、中通	435400
286	余川镇	忠花村	余川镇忠花村寄递物流服务站	忠花村村委会	胡建平13986254627	邮政、京东、圆通、中通	435400
287	余川镇	孝花村	余川镇孝花村寄递物流服务站	孝花村村委会	周红梅13627137358	邮政、京东、圆通、中通	435400
288	余川镇	廉花村	余川镇廉花村寄递物流服务站	廉花村村委会	吴国庆13872957146	邮政、京东、圆通、中通	435400
289	余川镇	勤花村	余川镇勤花村寄递物流服务站	勤花村村委会	张德胜13597165473	邮政、京东、圆通、中通	435400
290	余川镇	俭花村	余川镇俭花村寄递物流服务站	俭花村村委会	李建军13635898294	邮政、京东、圆通、中通	435400
291	余川镇	诚花村	余川镇诚花村寄递物流服务站	诚花村村委会	刘志强13997162863	邮政、京东、圆通、中通	435400
292	余川镇	恒花村	余川镇恒花村寄递物流服务站	恒花村村委会	陈国平13872955217	邮政、京东、圆通、中通	435400
293	余川镇	新花村	余川镇新花村寄递物流服务站	新花村村委会	黄建新13593763586	邮政、京东、圆通、中通	435400
294	余川镇	正花村	余川镇正花村寄递物流服务站	正花村村委会	胡春华13797167842	邮政、京东、圆通、中通	435400
295	余川镇	明花村	余川镇明花村寄递物流服务站	明花村村委会	周秀英13986251376	邮政、京东、圆通、中通	435400
296	余川镇	光花村	余川镇光花村寄递物流服务站	光花村村委会	吴国华13627132674	邮政、京东、圆通、中通	435400
297	余川镇	辉花村	余川镇辉花村寄递物流服务站	辉花村村委会	张志华13872958427	邮政、京东、圆通、中通	435400
298	余川镇	耀花村	余川镇耀花村寄递物流服务站	耀花村村委会	李建平13597167136	邮政、京东、圆通、中通	435400
299	余川镇	星花村	余川镇星花村寄递物流服务站	星花村村委会	刘红梅13635893478	邮政、京东、圆通、中通	435400
300	余川镇	月花村	余川镇月花村寄递物流服务站	月花村村委会	陈国庆13997165924	邮政、京东、圆通、中通	435400
301	余川镇	日花村	余川镇日花村寄递物流服务站	日花村村委会	黄德胜13872952683	邮政、京东、圆通、中通	435400
302	余川镇	云花村	余川镇云花村寄递物流服务站	云花村村委会	胡建军13593766214	邮政、京东、圆通、中通	435400
303	余川镇	霞花村	余川镇霞花村寄递物流服务站	霞花村村委会	周志强13797164537	邮政、京东、圆通、中通	435400
304	余川镇	虹花村	余川镇虹花村寄递物流服务站	虹花村村委会	吴国平13986258692	邮政、京东、圆通、中通	435400
305	余川镇	霓花村	余川镇霓花村寄递物流服务站	霓花村村委会	张建新13627138415	邮政、京东、圆通、中通	435400
306	余川镇	露花村	余川镇露花村寄递物流服务站	露花村村委会	李春华13872956758	邮政、京东、圆通、中通	435400
307	余川镇	霜花村	余川镇霜花村寄递物流服务站	霜花村村委会	刘秀英13597164381	邮政、京东、圆通、中通	435400
308	余川镇	冰花村	余川镇冰花村寄递物流服务站	冰花村村委会	陈国华13635896825	邮政、京东、圆通、中通	435400
309	余川镇	风花村	余川镇风花村寄递物流服务站	风花村村委会	黄志华13997164173	邮政、京东、圆通、中通	435400
310	余川镇	雨花村	余川镇雨花村寄递物流服务站	雨花村村委会	胡建平13872954316	邮政、京东、圆通、中通	435400
311	余川镇	雷花村	余川镇雷花村寄递物流服务站	雷花村村委会	周红梅13593768742	邮政、京东、圆通、中通	435400
312	余川镇	电花村	余川镇电花村寄递物流服务站	电花村村委会	吴国庆13797163268	邮政、京东、圆通、中通	435400
313	余川镇	山花村	余川镇山花村寄递物流服务站	山花村村委会	张德胜13986257423	邮政、京东、圆通、中通	435400
314	余川镇	海花村	余川镇海花村寄递物流服务站	海花村村委会	李建军13627133951	邮政、京东、圆通、中通	435400
315	余川镇	江花村	余川镇江花村寄递物流服务站	江花村村委会	刘志强13872957682	邮政、京东、圆通、中通	435400
316	余川镇	河花村	余川镇河花村寄递物流服务站	河花村村委会	陈国平13597168527	邮政、京东、圆通、中通	435400
317	余川镇	湖花村	余川镇湖花村寄递物流服务站	湖花村村委会	黄建新13635894263	邮政、京东、圆通、中通	435400
318	余川镇	泉花村	余川镇泉花村寄递物流服务站	泉花村村委会	胡春华13997166814	邮政、京东、圆通、中通	435400
319	余川镇	溪花村	余川镇溪花村寄递物流服务站	溪花村村委会	周秀英13872953175	邮政、京东、圆通、中通	435400
320	余川镇	潭花村	余川镇潭花村寄递物流服务站	潭花村村委会	吴国华13593762936	邮政、京东、圆通、中通	435400
321	余川镇	渊花村	余川镇渊花村寄递物流服务站	渊花村村委会	张志华13797166584	邮政、京东、圆通、中通	435400
322	余川镇	涧花村	余川镇涧花村寄递物流服务站	涧花村村委会	李建平13986252318	邮政、京东、圆通、中通	435400
323	余川镇	峰花村	余川镇峰花村寄递物流服务站	峰花村村委会	刘红梅13627134762	邮政、京东、圆通、中通	435400
